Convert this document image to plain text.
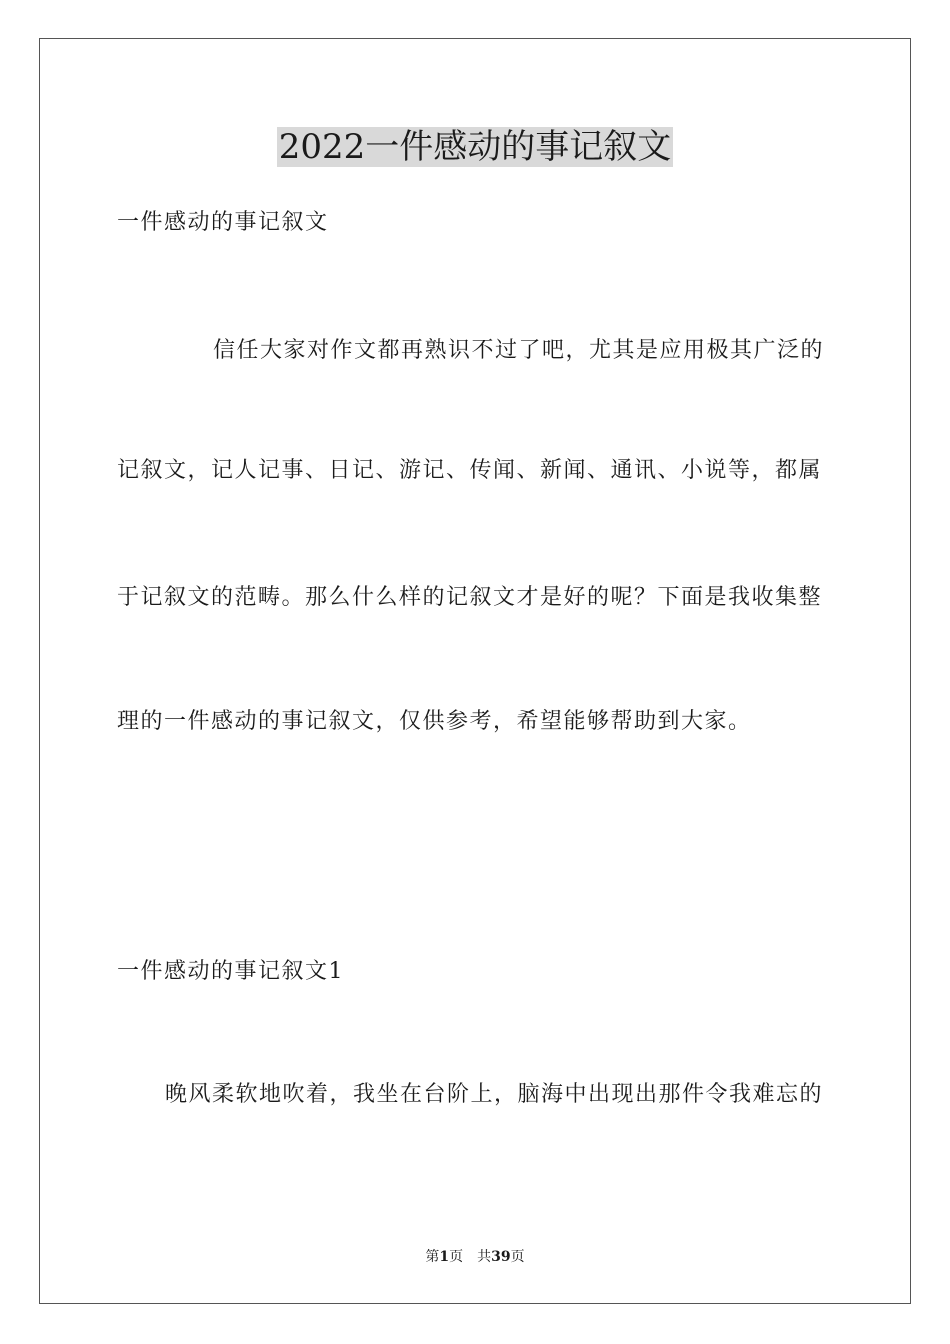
2022一件感动的事记叙文

一件感动的事记叙文

信任大家对作文都再熟识不过了吧，尤其是应用极其广泛的

记叙文，记人记事、日记、游记、传闻、新闻、通讯、小说等，都属

于记叙文的范畴。那么什么样的记叙文才是好的呢？下面是我收集整

理的一件感动的事记叙文，仅供参考，希望能够帮助到大家。

一件感动的事记叙文1

晚风柔软地吹着，我坐在台阶上，脑海中出现出那件令我难忘的

第1页　共39页
